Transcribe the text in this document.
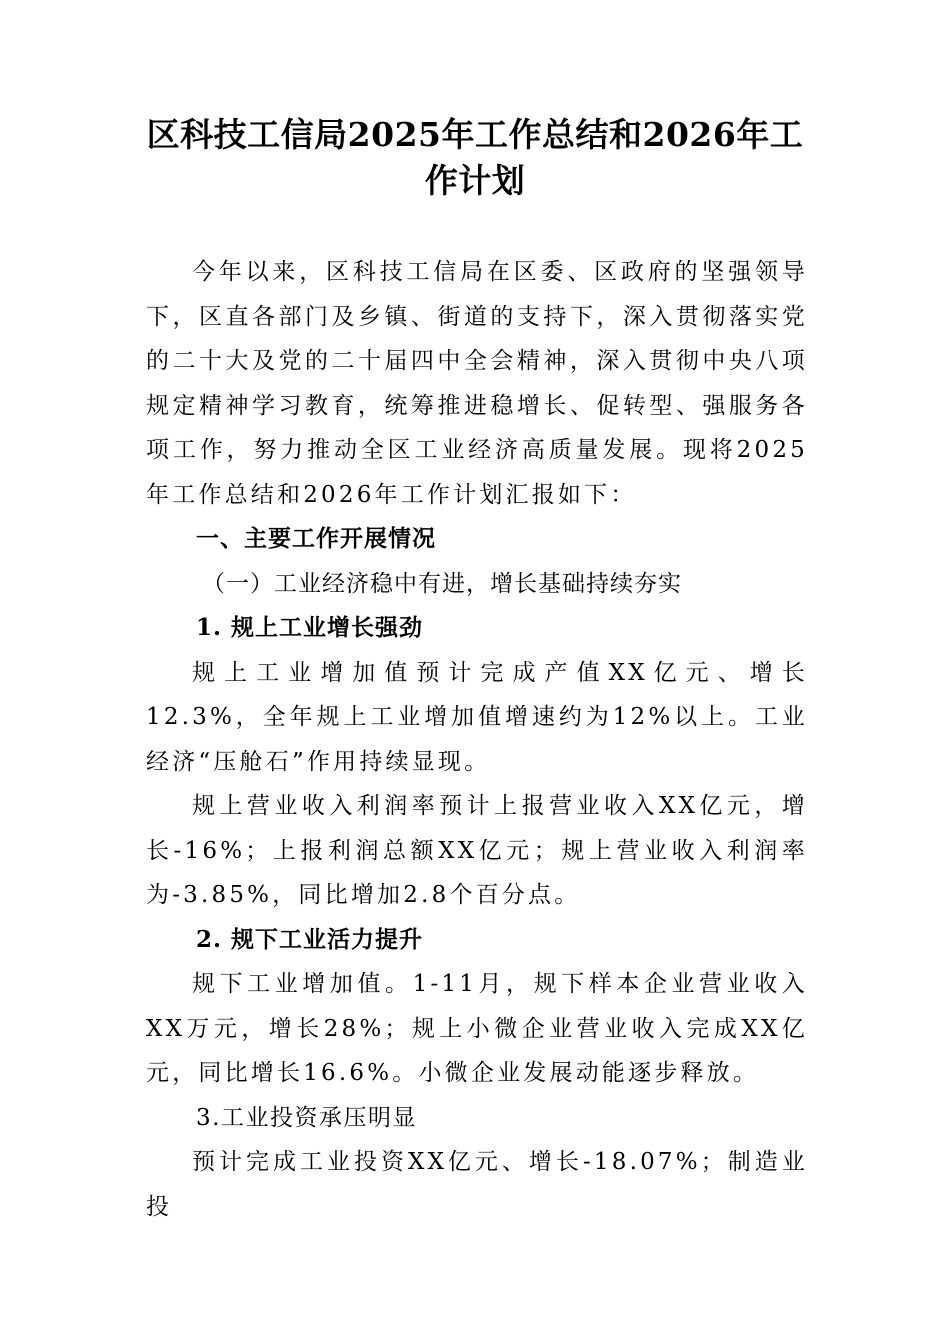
区科技工信局2025年工作总结和2026年工作计划

今年以来，区科技工信局在区委、区政府的坚强领导下，区直各部门及乡镇、街道的支持下，深入贯彻落实党的二十大及党的二十届四中全会精神，深入贯彻中央八项规定精神学习教育，统筹推进稳增长、促转型、强服务各项工作，努力推动全区工业经济高质量发展。现将2025年工作总结和2026年工作计划汇报如下：

一、主要工作开展情况

（一）工业经济稳中有进，增长基础持续夯实

1. 规上工业增长强劲

规上工业增加值预计完成产值XX亿元、增长12.3%，全年规上工业增加值增速约为12%以上。工业经济“压舱石”作用持续显现。

规上营业收入利润率预计上报营业收入XX亿元，增长-16%；上报利润总额XX亿元；规上营业收入利润率为-3.85%，同比增加2.8个百分点。

2. 规下工业活力提升

规下工业增加值。1-11月，规下样本企业营业收入XX万元，增长28%；规上小微企业营业收入完成XX亿元，同比增长16.6%。小微企业发展动能逐步释放。

3.工业投资承压明显

预计完成工业投资XX亿元、增长-18.07%；制造业投
